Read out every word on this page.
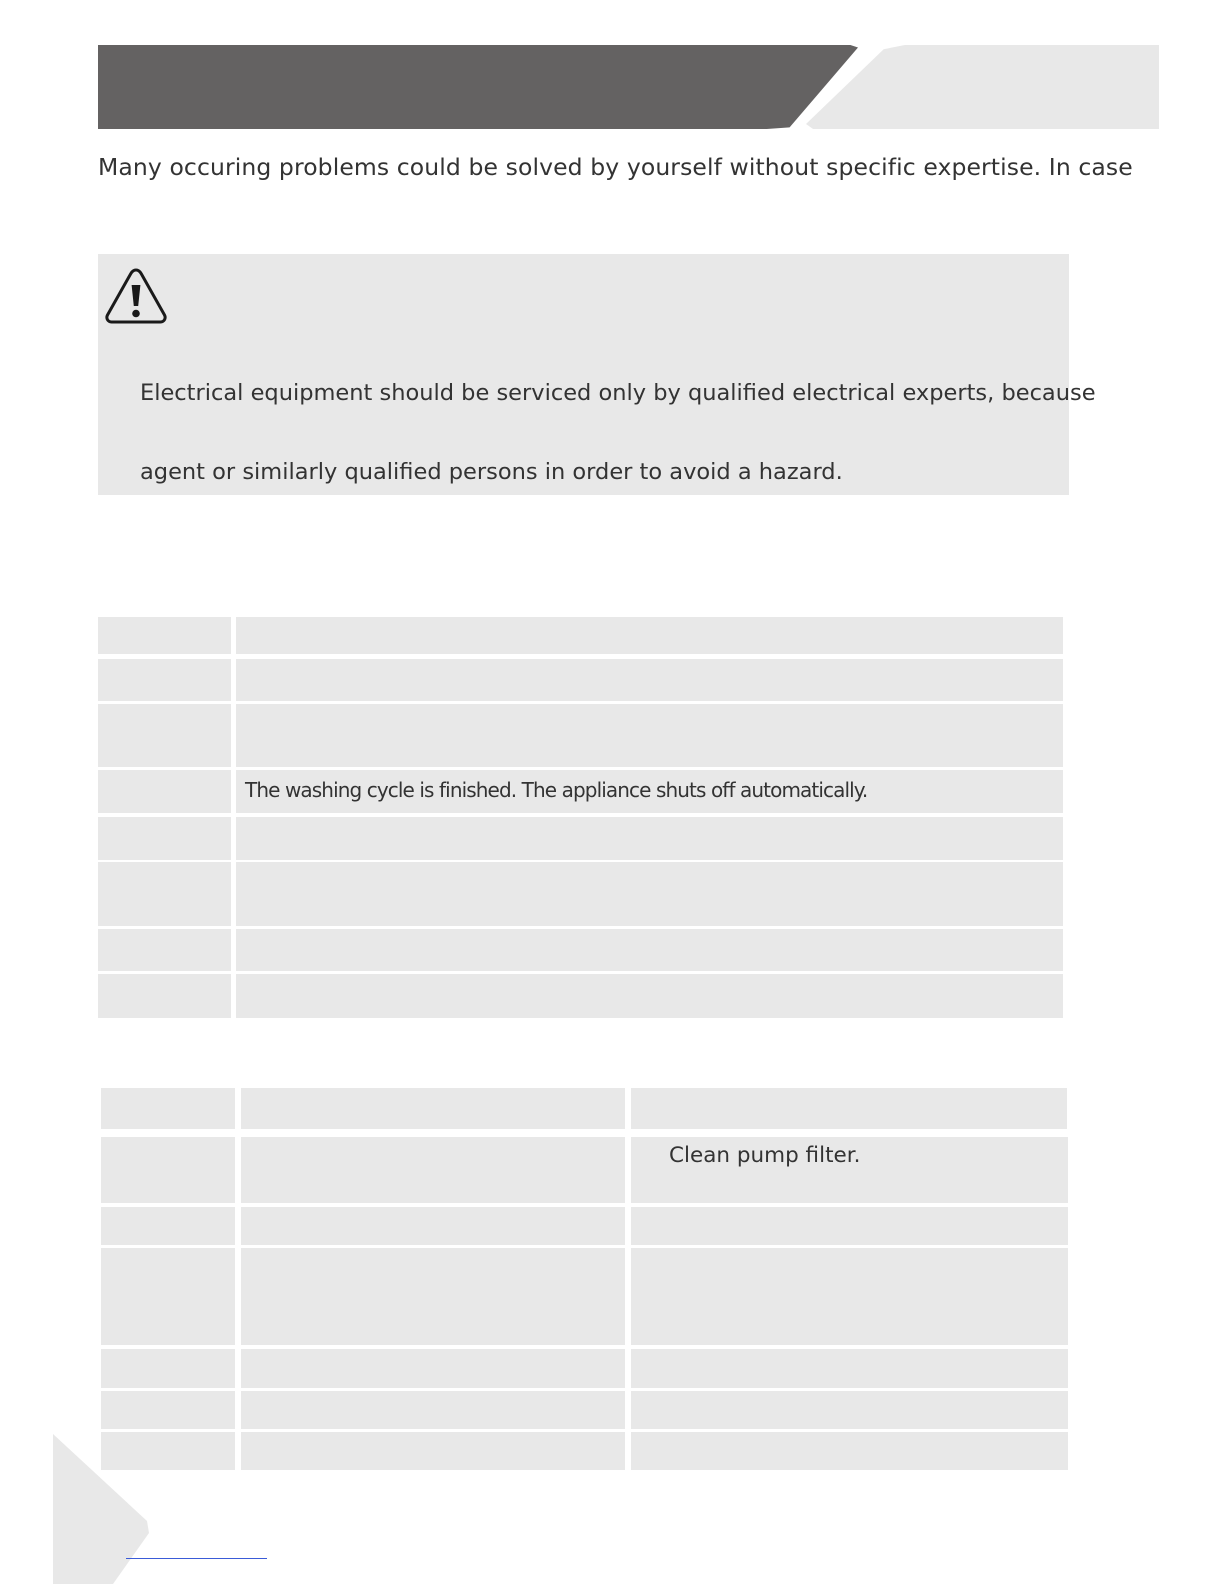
Many occuring problems could be solved by yourself without specific expertise. In case
Electrical equipment should be serviced only by qualified electrical experts, because
agent or similarly qualified persons in order to avoid a hazard.
The washing cycle is finished. The appliance shuts off automatically.
Clean pump filter.
